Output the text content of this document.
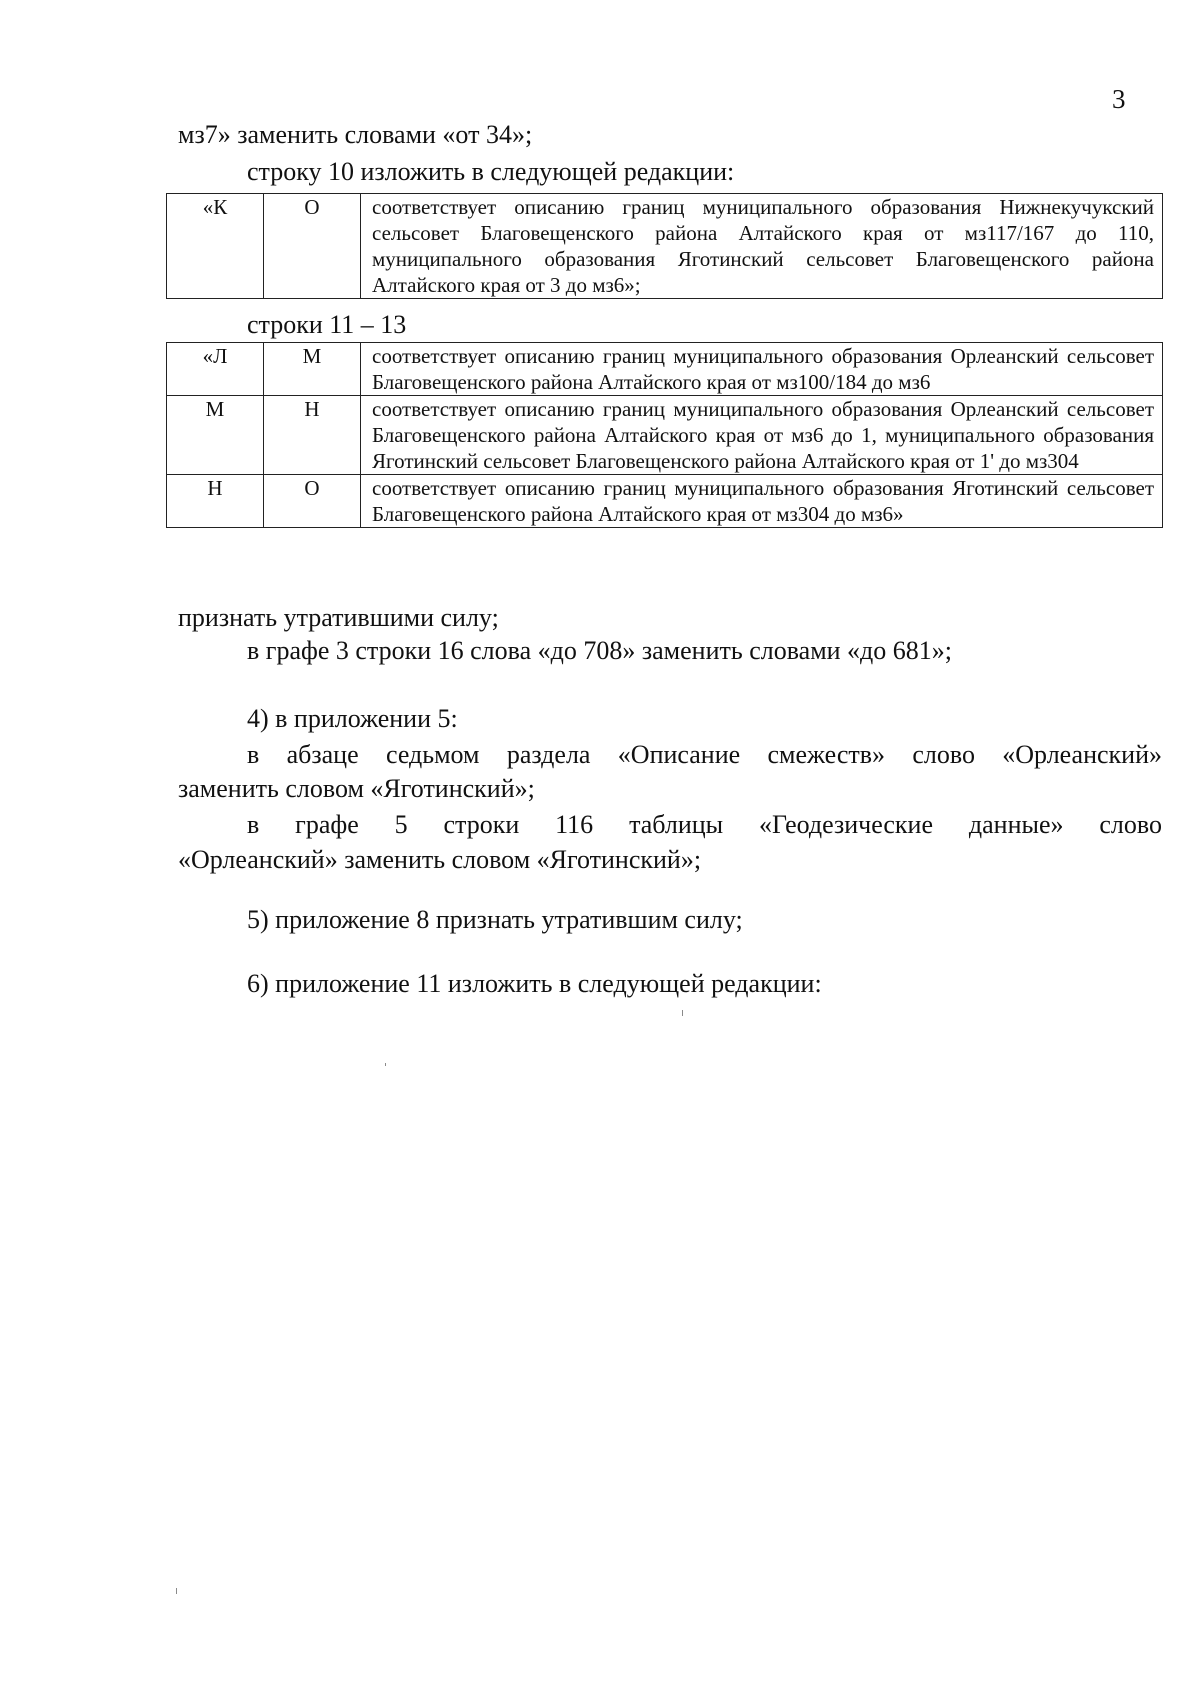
3
мз7» заменить словами «от 34»;
строку 10 изложить в следующей редакции:
«К	О	соответствует описанию границ муниципального образования Нижнекучукский сельсовет Благовещенского района Алтайского края от мз117/167 до 110, муниципального образования Яготинский сельсовет Благовещенского района Алтайского края от 3 до мз6»;
строки 11 – 13
«Л	М	соответствует описанию границ муниципального образования Орлеанский сельсовет Благовещенского района Алтайского края от мз100/184 до мз6
М	Н	соответствует описанию границ муниципального образования Орлеанский сельсовет Благовещенского района Алтайского края от мз6 до 1, муниципального образования Яготинский сельсовет Благовещенского района Алтайского края от 1' до мз304
Н	О	соответствует описанию границ муниципального образования Яготинский сельсовет Благовещенского района Алтайского края от мз304 до мз6»
признать утратившими силу;
в графе 3 строки 16 слова «до 708» заменить словами «до 681»;
4) в приложении 5:
в абзаце седьмом раздела «Описание смежеств» слово «Орлеанский»
заменить словом «Яготинский»;
в графе 5 строки 116 таблицы «Геодезические данные» слово
«Орлеанский» заменить словом «Яготинский»;
5) приложение 8 признать утратившим силу;
6) приложение 11 изложить в следующей редакции:
